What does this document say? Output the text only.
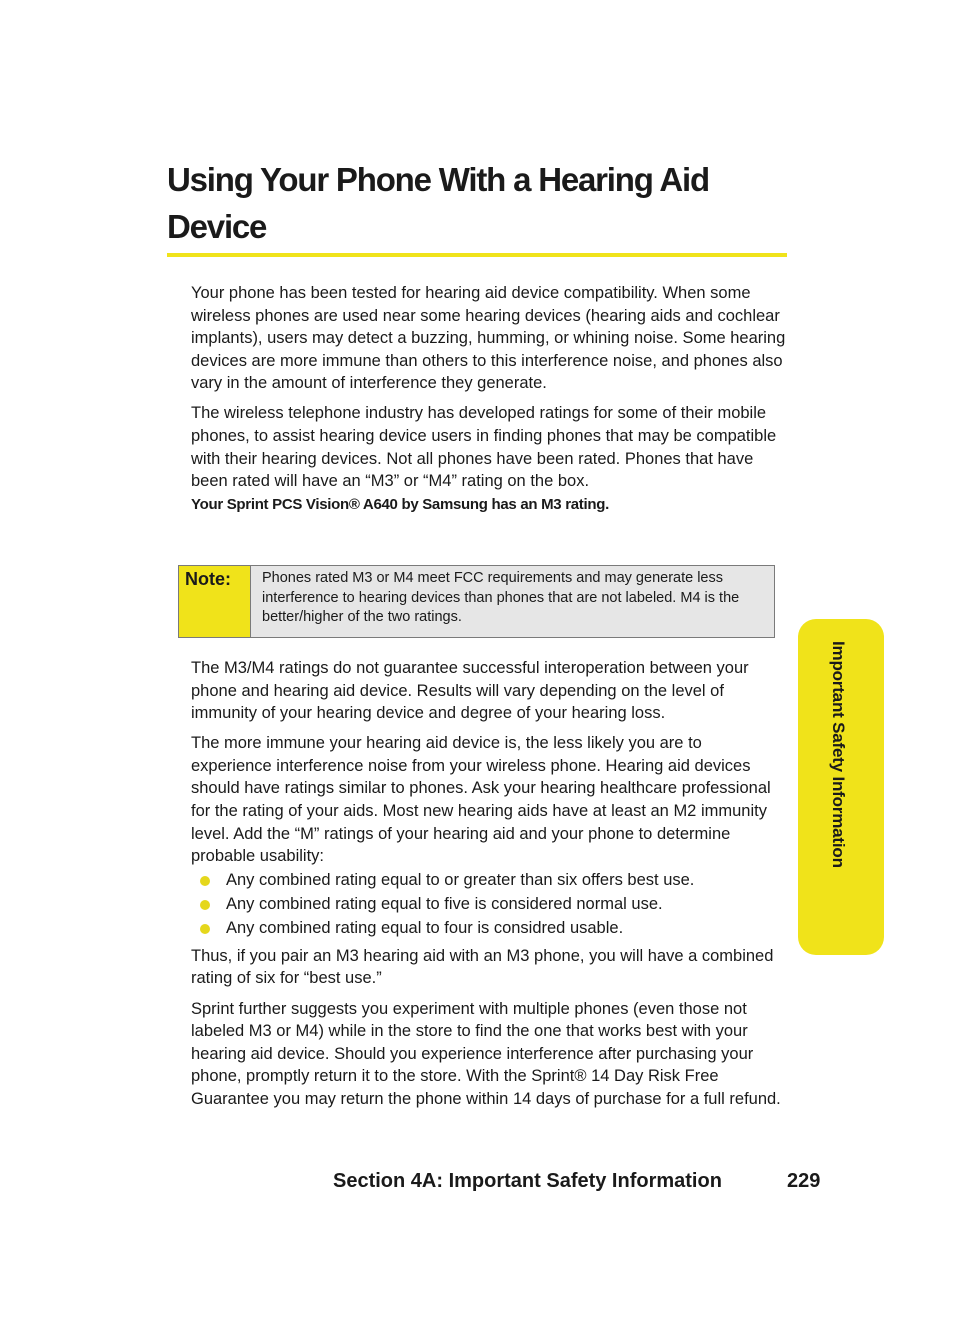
Using Your Phone With a Hearing Aid Device

Your phone has been tested for hearing aid device compatibility. When some wireless phones are used near some hearing devices (hearing aids and cochlear implants), users may detect a buzzing, humming, or whining noise. Some hearing devices are more immune than others to this interference noise, and phones also vary in the amount of interference they generate.

The wireless telephone industry has developed ratings for some of their mobile phones, to assist hearing device users in finding phones that may be compatible with their hearing devices. Not all phones have been rated. Phones that have been rated will have an “M3” or “M4” rating on the box.
Your Sprint PCS Vision® A640 by Samsung has an M3 rating.

Note:	Phones rated M3 or M4 meet FCC requirements and may generate less interference to hearing devices than phones that are not labeled. M4 is the better/higher of the two ratings.

The M3/M4 ratings do not guarantee successful interoperation between your phone and hearing aid device. Results will vary depending on the level of immunity of your hearing device and degree of your hearing loss.

The more immune your hearing aid device is, the less likely you are to experience interference noise from your wireless phone. Hearing aid devices should have ratings similar to phones. Ask your hearing healthcare professional for the rating of your aids. Most new hearing aids have at least an M2 immunity level. Add the “M” ratings of your hearing aid and your phone to determine probable usability:

Any combined rating equal to or greater than six offers best use.
Any combined rating equal to five is considered normal use.
Any combined rating equal to four is considred usable.

Thus, if you pair an M3 hearing aid with an M3 phone, you will have a combined rating of six for “best use.”

Sprint further suggests you experiment with multiple phones (even those not labeled M3 or M4) while in the store to find the one that works best with your hearing aid device. Should you experience interference after purchasing your phone, promptly return it to the store. With the Sprint® 14 Day Risk Free Guarantee you may return the phone within 14 days of purchase for a full refund.

Important Safety Information
Section 4A: Important Safety Information	229
